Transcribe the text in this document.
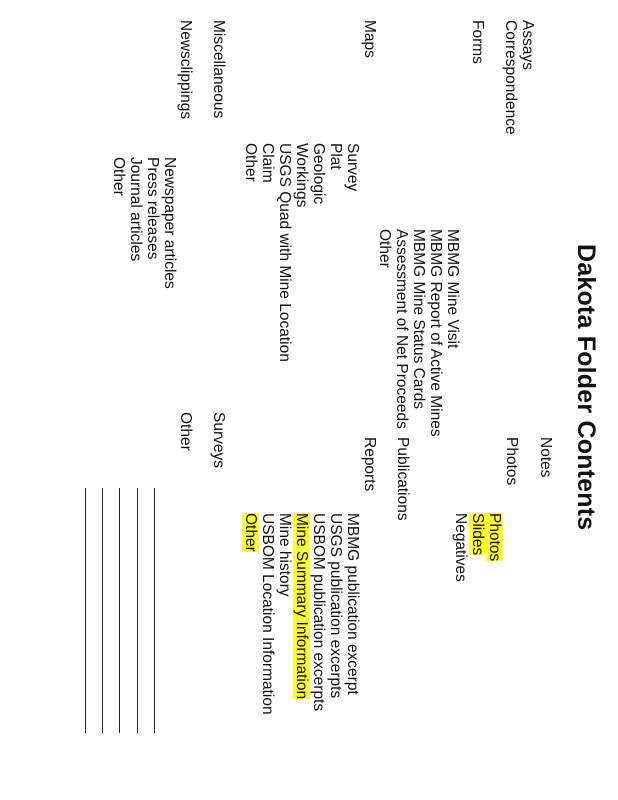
Dakota Folder Contents
Assays
Correspondence
Forms
MBMG Mine Visit
MBMG Report of Active Mines
MBMG Mine Status Cards
Assessment of Net Proceeds
Other
Maps
Survey
Plat
Geologic
Workings
USGS Quad with Mine Location
Claim
Other
Miscellaneous
Newsclippings
Newspaper articles
Press releases
Journal articles
Other
Notes
Photos
Photos
Slides
Negatives
Publications
Reports
MBMG publication excerpt
USGS publication excerpts
USBOM publication excerpts
Mine Summary Information
Mine history
USBOM Location Information
Other
Surveys
Other
